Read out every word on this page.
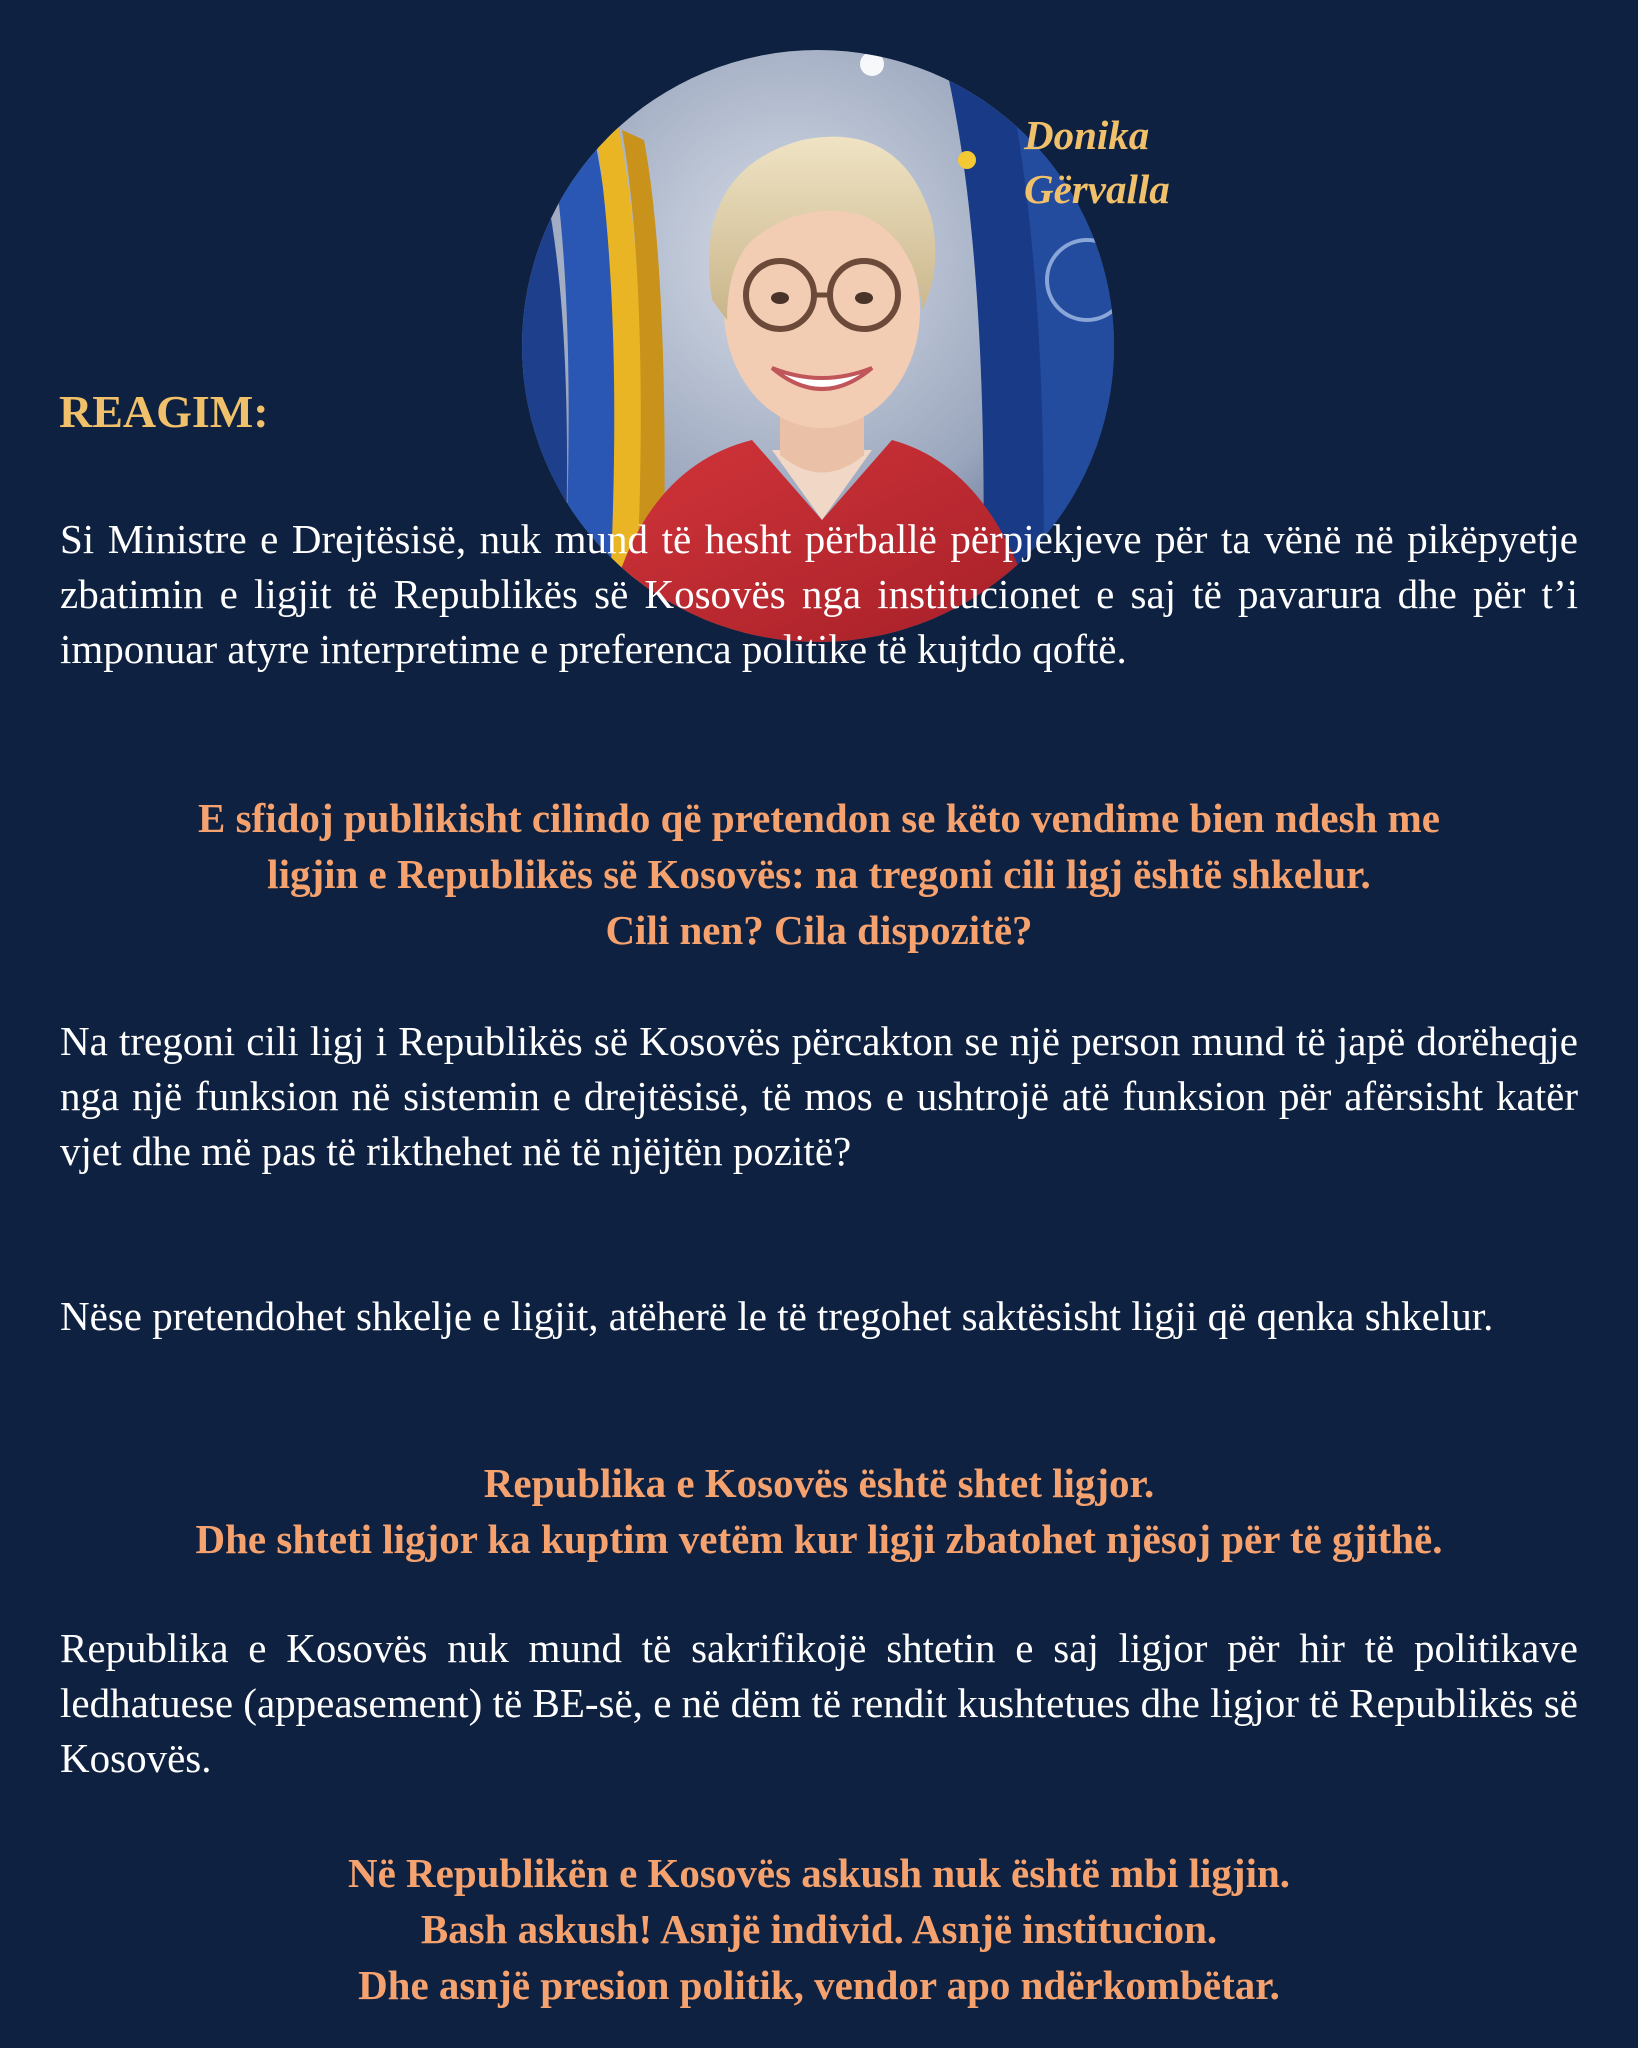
Donika
Gërvalla
REAGIM:

Si Ministre e Drejtësisë, nuk mund të hesht përballë përpjekjeve për ta vënë në pikëpyetje zbatimin e ligjit të Republikës së Kosovës nga institucionet e saj të pavarura dhe për t’i imponuar atyre interpretime e preferenca politike të kujtdo qoftë.

E sfidoj publikisht cilindo që pretendon se këto vendime bien ndesh me
ligjin e Republikës së Kosovës: na tregoni cili ligj është shkelur.
Cili nen? Cila dispozitë?

Na tregoni cili ligj i Republikës së Kosovës përcakton se një person mund të japë dorëheqje nga një funksion në sistemin e drejtësisë, të mos e ushtrojë atë funksion për afërsisht katër vjet dhe më pas të rikthehet në të njëjtën pozitë?

Nëse pretendohet shkelje e ligjit, atëherë le të tregohet saktësisht ligji që qenka shkelur.

Republika e Kosovës është shtet ligjor.
Dhe shteti ligjor ka kuptim vetëm kur ligji zbatohet njësoj për të gjithë.

Republika e Kosovës nuk mund të sakrifikojë shtetin e saj ligjor për hir të politikave ledhatuese (appeasement) të BE-së, e në dëm të rendit kushtetues dhe ligjor të Republikës së Kosovës.

Në Republikën e Kosovës askush nuk është mbi ligjin.
Bash askush! Asnjë individ. Asnjë institucion.
Dhe asnjë presion politik, vendor apo ndërkombëtar.
